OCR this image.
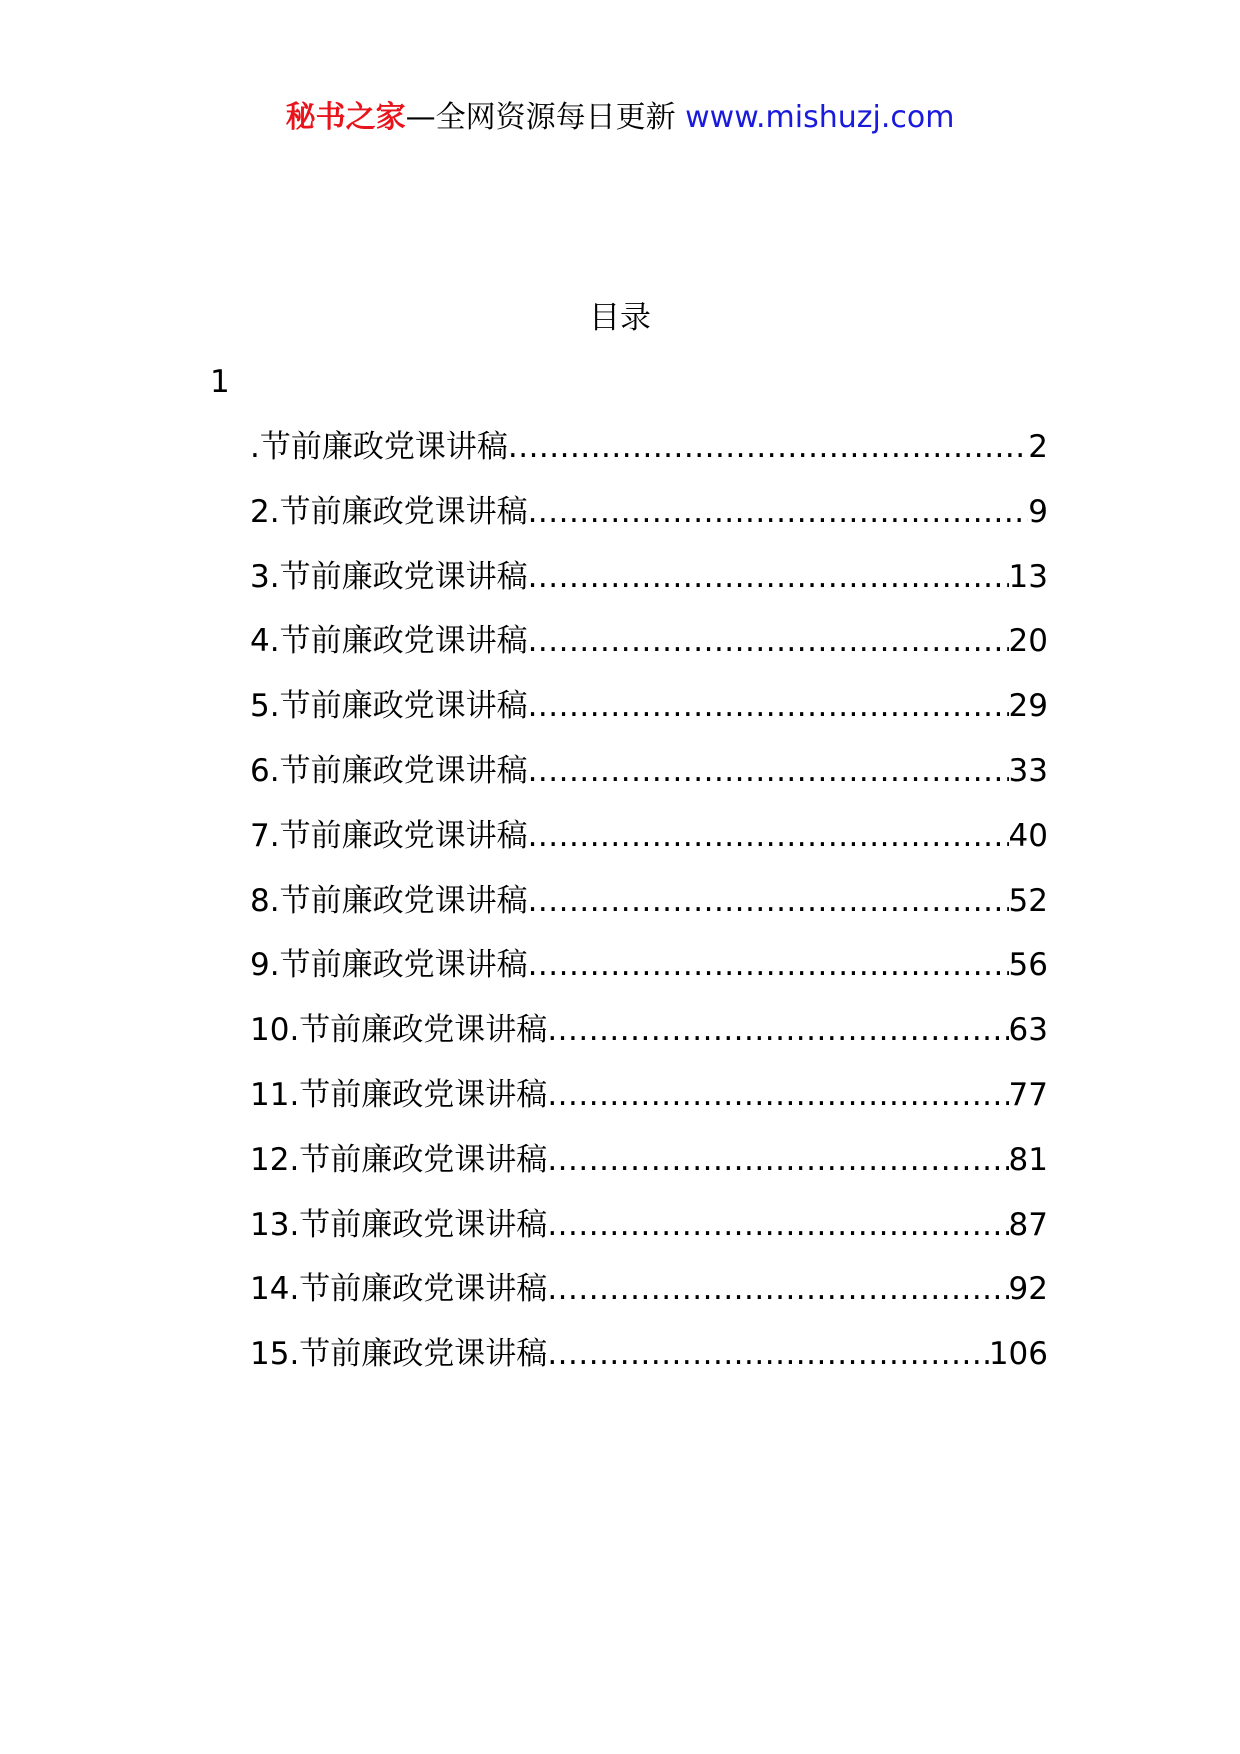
秘书之家—全网资源每日更新 www.mishuzj.com
目录
1
.节前廉政党课讲稿 .....	2
2.节前廉政党课讲稿 .....	9
3.节前廉政党课讲稿 .....	13
4.节前廉政党课讲稿 .....	20
5.节前廉政党课讲稿 .....	29
6.节前廉政党课讲稿 .....	33
7.节前廉政党课讲稿 .....	40
8.节前廉政党课讲稿 .....	52
9.节前廉政党课讲稿 .....	56
10.节前廉政党课讲稿 .....	63
11.节前廉政党课讲稿 .....	77
12.节前廉政党课讲稿 .....	81
13.节前廉政党课讲稿 .....	87
14.节前廉政党课讲稿 .....	92
15.节前廉政党课讲稿 .....	106
